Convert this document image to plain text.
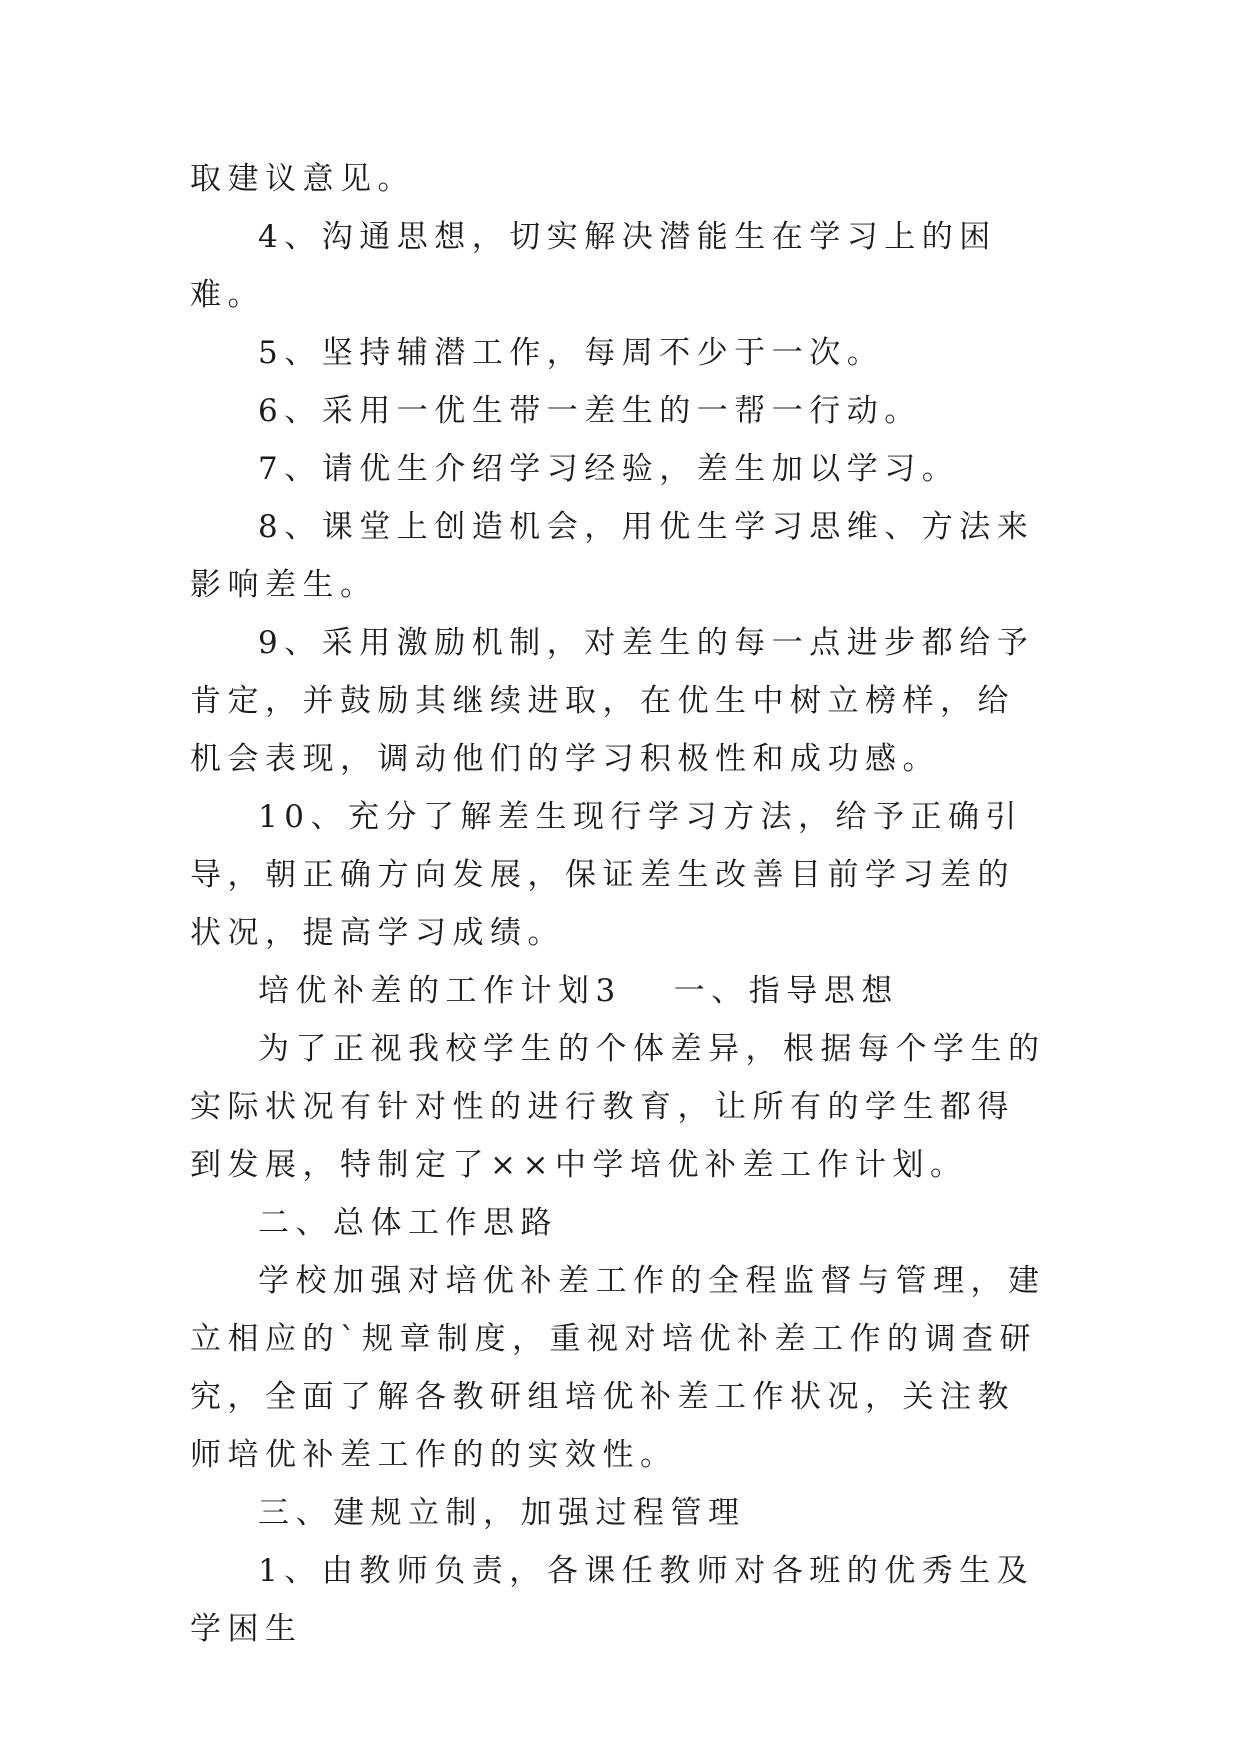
取建议意见。

4、沟通思想，切实解决潜能生在学习上的困难。

5、坚持辅潜工作，每周不少于一次。

6、采用一优生带一差生的一帮一行动。

7、请优生介绍学习经验，差生加以学习。

8、课堂上创造机会，用优生学习思维、方法来影响差生。

9、采用激励机制，对差生的每一点进步都给予肯定，并鼓励其继续进取，在优生中树立榜样，给机会表现，调动他们的学习积极性和成功感。

10、充分了解差生现行学习方法，给予正确引导，朝正确方向发展，保证差生改善目前学习差的状况，提高学习成绩。

培优补差的工作计划3 一、指导思想

为了正视我校学生的个体差异，根据每个学生的实际状况有针对性的进行教育，让所有的学生都得到发展，特制定了××中学培优补差工作计划。

二、总体工作思路

学校加强对培优补差工作的全程监督与管理，建立相应的`规章制度，重视对培优补差工作的调查研究，全面了解各教研组培优补差工作状况，关注教师培优补差工作的的实效性。

三、建规立制，加强过程管理

1、由教师负责，各课任教师对各班的优秀生及学困生
